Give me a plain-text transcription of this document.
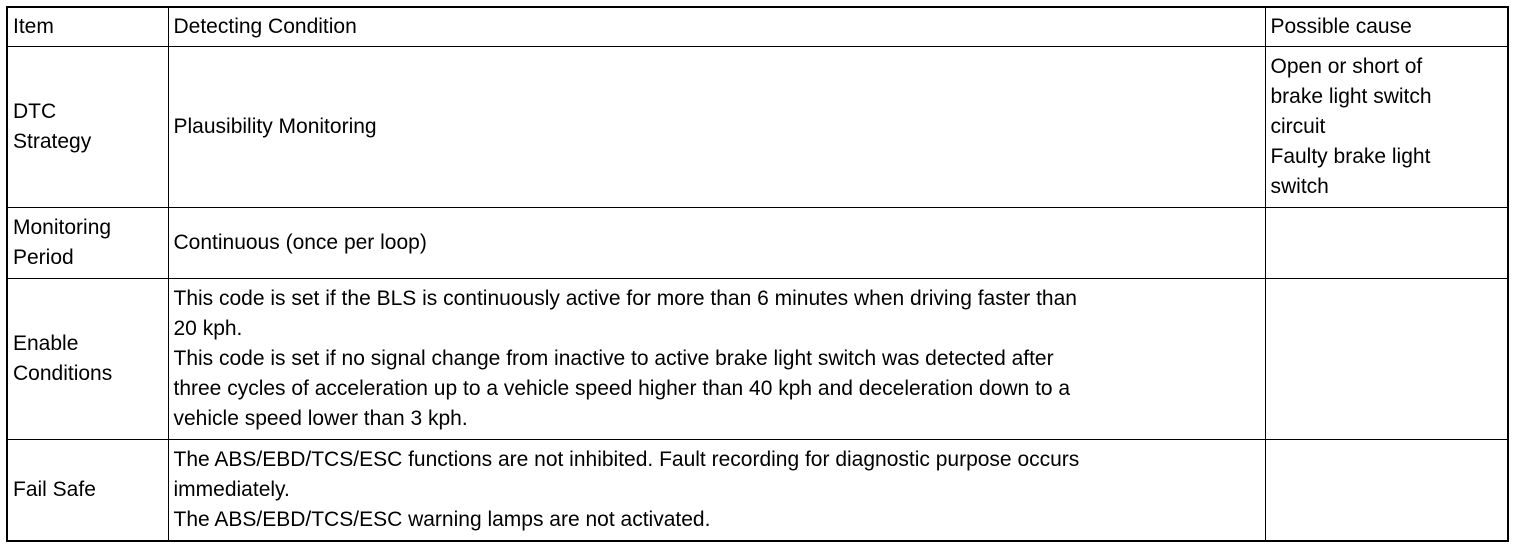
Item	Detecting Condition	Possible cause

DTC
Strategy	Plausibility Monitoring	Open or short of
brake light switch
circuit
Faulty brake light
switch

Monitoring
Period	Continuous (once per loop)	

Enable
Conditions	This code is set if the BLS is continuously active for more than 6 minutes when driving faster than
20 kph.
This code is set if no signal change from inactive to active brake light switch was detected after
three cycles of acceleration up to a vehicle speed higher than 40 kph and deceleration down to a
vehicle speed lower than 3 kph.	

Fail Safe	The ABS/EBD/TCS/ESC functions are not inhibited. Fault recording for diagnostic purpose occurs
immediately.
The ABS/EBD/TCS/ESC warning lamps are not activated.	
